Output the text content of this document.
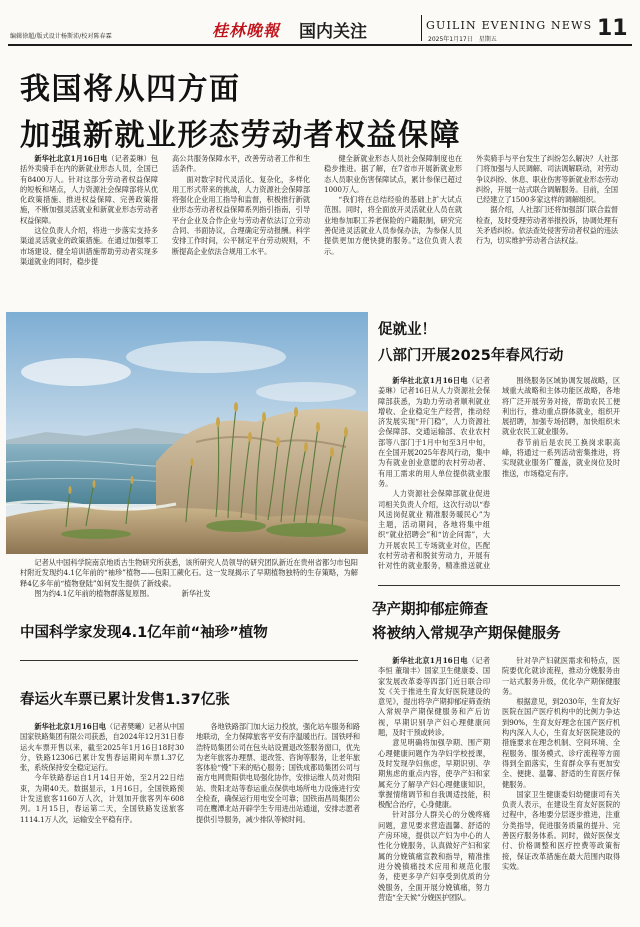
编辑徐超/版式设计杨斯沛/校对陈春霖	桂林晚報 国内关注	GUILIN EVENING NEWS
2025年1月17日 星期五	11
我国将从四方面
加强新就业形态劳动者权益保障

新华社北京1月16日电（记者姜琳）包括外卖骑手在内的新就业形态人员，全国已有8400万人。针对这部分劳动者权益保障的短板和堵点，人力资源社会保障部将从优化政策措施、推进权益保障、完善政策措施，不断加强灵活就业和新就业形态劳动者权益保障。

这位负责人介绍，将进一步落实支持多渠道灵活就业的政策措施。在通过加强零工市场建设、健全培训措施帮助劳动者实现多渠道就业的同时，稳步提

高公共服务保障水平，改善劳动者工作和生活条件。

面对数字时代灵活化、复杂化，多样化用工形式带来的挑战，人力资源社会保障部将强化企业用工指导和监督，积极推行新就业形态劳动者权益保障系列指引指南，引导平台企业及合作企业与劳动者依法订立劳动合同、书面协议，合理确定劳动报酬。科学安排工作时间，公平制定平台劳动规则，不断提高企业依法合规用工水平。

健全新就业形态人员社会保障制度也在稳步推进。据了解，在7省市开展新就业形态人员职业伤害保障试点，累计参保已超过1000万人。

“我们将在总结经验的基础上扩大试点范围。同时，将全面放开灵活就业人员在就业地参加职工养老保险的户籍限制，研究完善促进灵活就业人员参保办法，为参保人员提供更加方便快捷的服务。”这位负责人表示。

外卖骑手与平台发生了纠纷怎么解决？人社部门将加强与人民调解、司法调解联动，对劳动争议纠纷、休息、职业伤害等新就业形态劳动纠纷，开展一站式联合调解服务。目前，全国已经建立了1500多家这样的调解组织。

据介绍，人社部门还将加强部门联合监督检查，及时受理劳动者举报投诉，协调处理有关矛盾纠纷。依法查处侵害劳动者权益的违法行为，切实维护劳动者合法权益。

记者从中国科学院南京地质古生物研究所获悉，该所研究人员领导的研究团队新近在贵州省都匀市包阳村附近发现约4.1亿年前的“袖珍”植物——包阳工蕨化石。这一发现揭示了早期植物独特的生存策略，为解释4亿多年前“植物登陆”如何发生提供了新线索。

图为约4.1亿年前的植物群落复原图。	新华社发

中国科学家发现4.1亿年前“袖珍”植物
春运火车票已累计发售1.37亿张

新华社北京1月16日电（记者樊曦）记者从中国国家铁路集团有限公司获悉，自2024年12月31日春运火车票开售以来，截至2025年1月16日18时30分，铁路12306已累计发售春运期间车票1.37亿张，系统保持安全稳定运行。

今年铁路春运自1月14日开始，至2月22日结束，为期40天。数据显示，1月16日，全国铁路预计发送旅客1160万人次，计划加开旅客列车608列。1月15日，春运第二天，全国铁路发送旅客1114.1万人次，运输安全平稳有序。

各地铁路部门加大运力投放，强化站车服务和路地联动，全力保障旅客平安有序温暖出行。国铁呼和浩特局集团公司在包头站设置退改签服务窗口，优先为老年旅客办理票、退改签、咨询等服务，让老年旅客体验“慢”下来的贴心服务；国铁成都局集团公司与南方电网贵阳供电局强化协作，安排运维人员对贵阳站、贵阳北站等春运重点保供电场所电力设施进行安全检查，确保运行用电安全可靠；国铁南昌局集团公司在鹰潭北站开辟学生专用进出站通道，安排志愿者提供引导服务，减少排队等候时间。

促就业！
八部门开展2025年春风行动

新华社北京1月16日电（记者姜琳）记者16日从人力资源社会保障部获悉，为助力劳动者顺利就业增收、企业稳定生产经营，推动经济发展实现“开门稳”，人力资源社会保障部、交通运输部、农业农村部等八部门于1月中旬至3月中旬，在全国开展2025年春风行动，集中为有就业创业意愿的农村劳动者、有用工需求的用人单位提供就业服务。

人力资源社会保障部就业促进司相关负责人介绍，这次行动以“春风送岗促就业 精准服务暖民心”为主题，活动期间，各地将集中组织“就业招聘会”和“访企问需”，大力开展农民工专场就业对位，匹配农村劳动者和脱贫劳动力，开展有针对性的就业服务，精准推送就业

围绕服务区域协调发展战略，区域重大战略和主体功能区战略，各地将广泛开展劳务对接，帮助农民工便利出行，推动重点群体就业，组织开展招聘，加强专场招聘，加快组织未就业农民工就业服务。

春节前后是农民工换岗求职高峰，将通过一系列活动密集推进，将实现就业服务广覆盖，就业岗位及时推送，市场稳定有序。

孕产期抑郁症筛查
将被纳入常规孕产期保健服务

新华社北京1月16日电（记者李恒 董瑞丰）国家卫生健康委、国家发展改革委等四部门近日联合印发《关于推进生育友好医院建设的意见》，提出将孕产期抑郁症筛查纳入常规孕产期保健服务和产后访视，早期识别孕产妇心理健康问题，及时干预或转诊。

意见明确将加强孕期、围产期心理健康问题作为孕妇学校授课，及时发现孕妇焦虑，早期识别、孕期焦虑的重点内容，使孕产妇和家属充分了解孕产妇心理健康知识，掌握情绪调节和自我调适技能，积极配合治疗，心身健康。

针对部分人群关心的分娩疼痛问题，意见要求营造温馨、舒适的产房环境，提供以产妇为中心的人性化分娩服务，认真做好产妇和家属的分娩镇痛宣教和指导，精准推进分娩镇痛技术应用和规范化服务，使更多孕产妇享受到优质的分娩服务，全面开展分娩镇痛，努力营造“全天候”分娩医护团队。

针对孕产妇就医需求和特点，医院要优化就诊流程，推动分娩服务由一站式服务升级，优化孕产期保健服务。

根据意见，到2030年，生育友好医院在国产医疗机构中的比例力争达到90%，生育友好理念在国产医疗机构内深入人心，生育友好医院建设的措施要求在理念机制、空间环境、全程服务、服务模式、诊疗流程等方面得到全面落实，生育群众享有更加安全、便捷、温馨、舒适的生育医疗保健服务。

国家卫生健康委妇幼健康司有关负责人表示，在建设生育友好医院的过程中，各地要分层逐步推进，注重分类指导，促进服务质量的提升、完善医疗服务体系。同时，做好医保支付、价格调整和医疗控费等政策衔接，保证改革措施在最大范围内取得实效。
